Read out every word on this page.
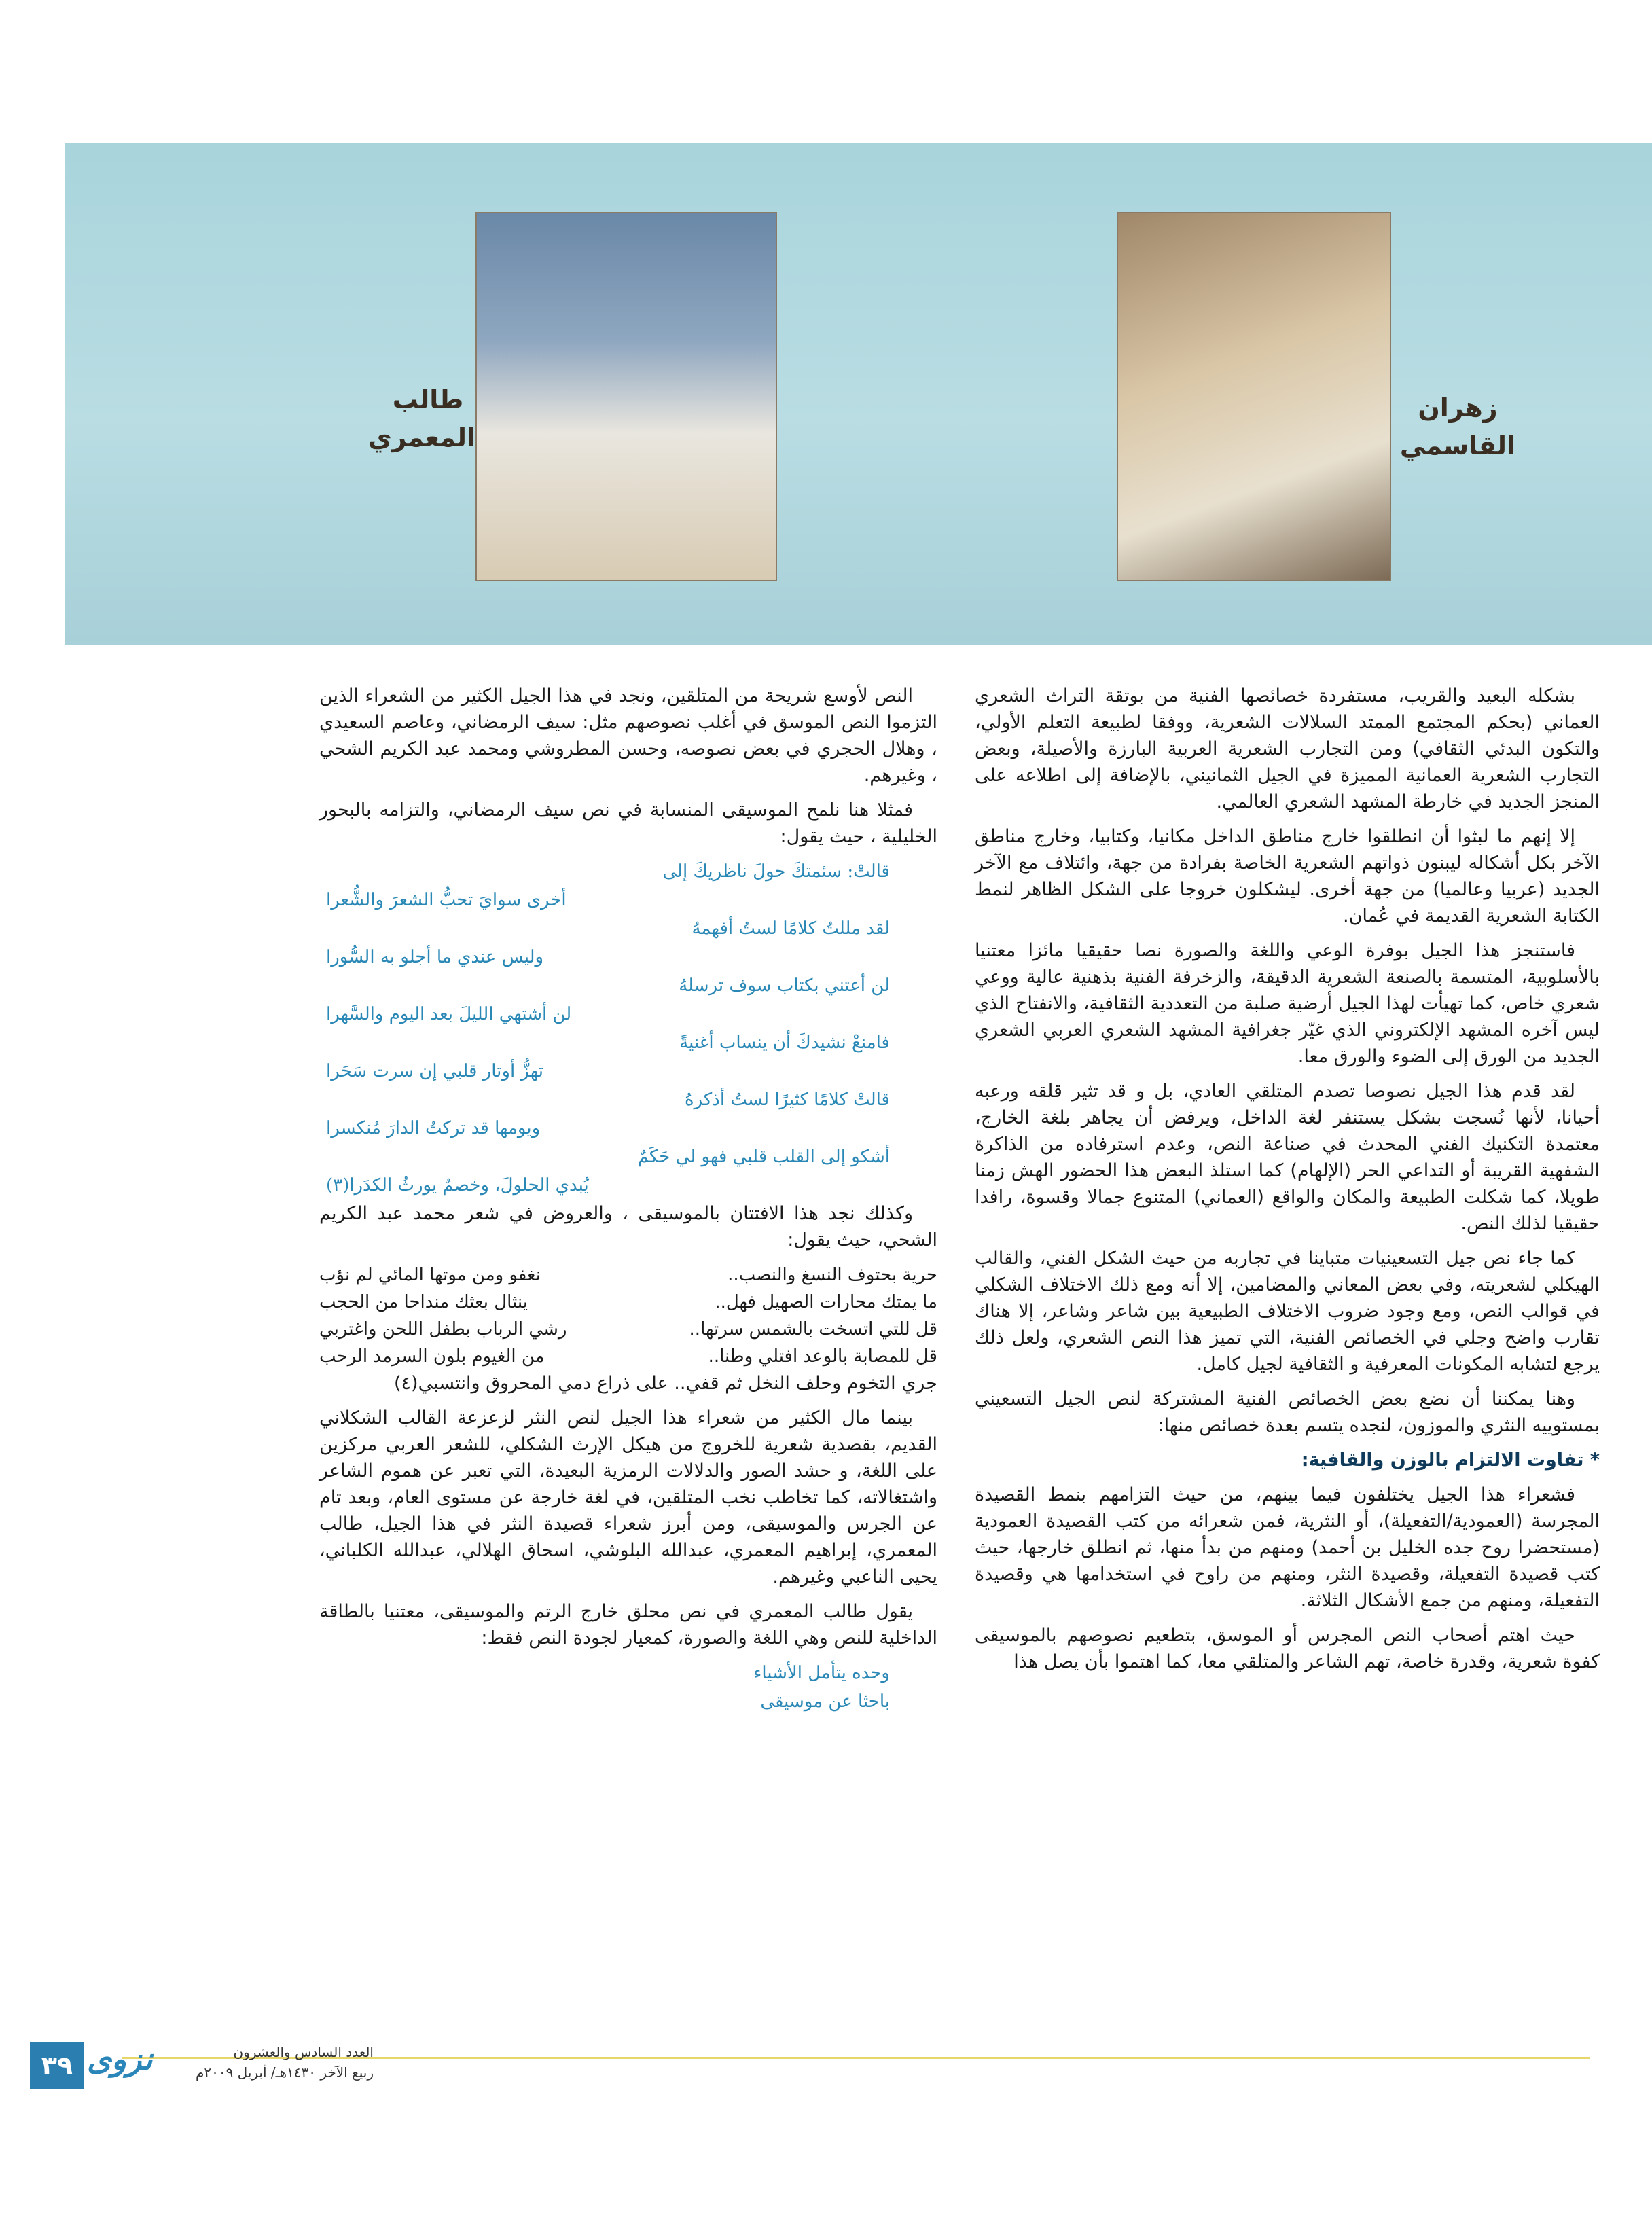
زهران
القاسمي
طالب
المعمري

بشكله البعيد والقريب، مستفردة خصائصها الفنية من بوتقة التراث الشعري العماني (بحكم المجتمع الممتد السلالات الشعرية، ووفقا لطبيعة التعلم الأولي، والتكون البدئي الثقافي) ومن التجارب الشعرية العربية البارزة والأصيلة، وبعض التجارب الشعرية العمانية المميزة في الجيل الثمانيني، بالإضافة إلى اطلاعه على المنجز الجديد في خارطة المشهد الشعري العالمي.

إلا إنهم ما لبثوا أن انطلقوا خارج مناطق الداخل مكانيا، وكتابيا، وخارج مناطق الآخر بكل أشكاله ليبنون ذواتهم الشعرية الخاصة بفرادة من جهة، وائتلاف مع الآخر الجديد (عربيا وعالميا) من جهة أخرى. ليشكلون خروجا على الشكل الظاهر لنمط الكتابة الشعرية القديمة في عُمان.

فاستنجز هذا الجيل بوفرة الوعي واللغة والصورة نصا حقيقيا مائزا معتنيا بالأسلوبية، المتسمة بالصنعة الشعرية الدقيقة، والزخرفة الفنية بذهنية عالية ووعي شعري خاص، كما تهيأت لهذا الجيل أرضية صلبة من التعددية الثقافية، والانفتاح الذي ليس آخره المشهد الإلكتروني الذي غيّر جغرافية المشهد الشعري العربي الشعري الجديد من الورق إلى الضوء والورق معا.

لقد قدم هذا الجيل نصوصا تصدم المتلقي العادي، بل و قد تثير قلقه ورعبه أحيانا، لأنها نُسجت بشكل يستنفر لغة الداخل، ويرفض أن يجاهر بلغة الخارج، معتمدة التكنيك الفني المحدث في صناعة النص، وعدم استرفاده من الذاكرة الشفهية القريبة أو التداعي الحر (الإلهام) كما استلذ البعض هذا الحضور الهش زمنا طويلا، كما شكلت الطبيعة والمكان والواقع (العماني) المتنوع جمالا وقسوة، رافدا حقيقيا لذلك النص.

كما جاء نص جيل التسعينيات متباينا في تجاربه من حيث الشكل الفني، والقالب الهيكلي لشعريته، وفي بعض المعاني والمضامين، إلا أنه ومع ذلك الاختلاف الشكلي في قوالب النص، ومع وجود ضروب الاختلاف الطبيعية بين شاعر وشاعر، إلا هناك تقارب واضح وجلي في الخصائص الفنية، التي تميز هذا النص الشعري، ولعل ذلك يرجع لتشابه المكونات المعرفية و الثقافية لجيل كامل.

وهنا يمكننا أن نضع بعض الخصائص الفنية المشتركة لنص الجيل التسعيني بمستوييه النثري والموزون، لنجده يتسم بعدة خصائص منها:

* تفاوت الالتزام بالوزن والقافية:

فشعراء هذا الجيل يختلفون فيما بينهم، من حيث التزامهم بنمط القصيدة المجرسة (العمودية/التفعيلة)، أو النثرية، فمن شعرائه من كتب القصيدة العمودية (مستحضرا روح جده الخليل بن أحمد) ومنهم من بدأ منها، ثم انطلق خارجها، حيث كتب قصيدة التفعيلة، وقصيدة النثر، ومنهم من راوح في استخدامها هي وقصيدة التفعيلة، ومنهم من جمع الأشكال الثلاثة.

حيث اهتم أصحاب النص المجرس أو الموسق، بتطعيم نصوصهم بالموسيقى كفوة شعرية، وقدرة خاصة، تهم الشاعر والمتلقي معا، كما اهتموا بأن يصل هذا

النص لأوسع شريحة من المتلقين، ونجد في هذا الجيل الكثير من الشعراء الذين التزموا النص الموسق في أغلب نصوصهم مثل: سيف الرمضاني، وعاصم السعيدي ، وهلال الحجري في بعض نصوصه، وحسن المطروشي ومحمد عبد الكريم الشحي ، وغيرهم.

فمثلا هنا نلمح الموسيقى المنسابة في نص سيف الرمضاني، والتزامه بالبحور الخليلية ، حيث يقول:

قالتْ: سئمتكَ حولَ ناظريكَ إلى
أخرى سوايَ تحبُّ الشعرَ والشُّعرا
لقد مللتُ كلامًا لستُ أفهمهُ
وليس عندي ما أجلو به السُّورا
لن أعتني بكتاب سوف ترسلهُ
لن أشتهي الليلَ بعد اليوم والسَّهرا
فامنعْ نشيدكَ أن ينساب أغنيةً
تهزُّ أوتار قلبي إن سرت سَحَرا
قالتْ كلامًا كثيرًا لستُ أذكرهُ
ويومها قد تركتُ الدارَ مُنكسرا
أشكو إلى القلب قلبي فهو لي حَكَمٌ
يُبدي الحلولَ، وخصمٌ يورثُ الكدَرا(٣)

وكذلك نجد هذا الافتتان بالموسيقى ، والعروض في شعر محمد عبد الكريم الشحي، حيث يقول:

حرية بحتوف النسغ والنصب..
نغفو ومن موتها المائي لم نؤب
ما يمتك محارات الصهيل فهل..
ينثال بعثك منداحا من الحجب
قل للتي اتسخت بالشمس سرتها..
رشي الرباب بطفل اللحن واغتربي
قل للمصابة بالوعد افتلي وطنا..
من الغيوم بلون السرمد الرحب

جري التخوم وحلف النخل ثم قفي.. على ذراع دمي المحروق وانتسبي(٤)

بينما مال الكثير من شعراء هذا الجيل لنص النثر لزعزعة القالب الشكلاني القديم، بقصدية شعرية للخروج من هيكل الإرث الشكلي، للشعر العربي مركزين على اللغة، و حشد الصور والدلالات الرمزية البعيدة، التي تعبر عن هموم الشاعر واشتغالاته، كما تخاطب نخب المتلقين، في لغة خارجة عن مستوى العام، وبعد تام عن الجرس والموسيقى، ومن أبرز شعراء قصيدة النثر في هذا الجيل، طالب المعمري، إبراهيم المعمري، عبدالله البلوشي، اسحاق الهلالي، عبدالله الكلباني، يحيى الناعبي وغيرهم.

يقول طالب المعمري في نص محلق خارج الرتم والموسيقى، معتنيا بالطاقة الداخلية للنص وهي اللغة والصورة، كمعيار لجودة النص فقط:

وحده يتأمل الأشياء
باحثا عن موسيقى
٣٩ نزوى	العدد السادس والعشرون
ربيع الآخر ١٤٣٠هـ/ أبريل ٢٠٠٩م
